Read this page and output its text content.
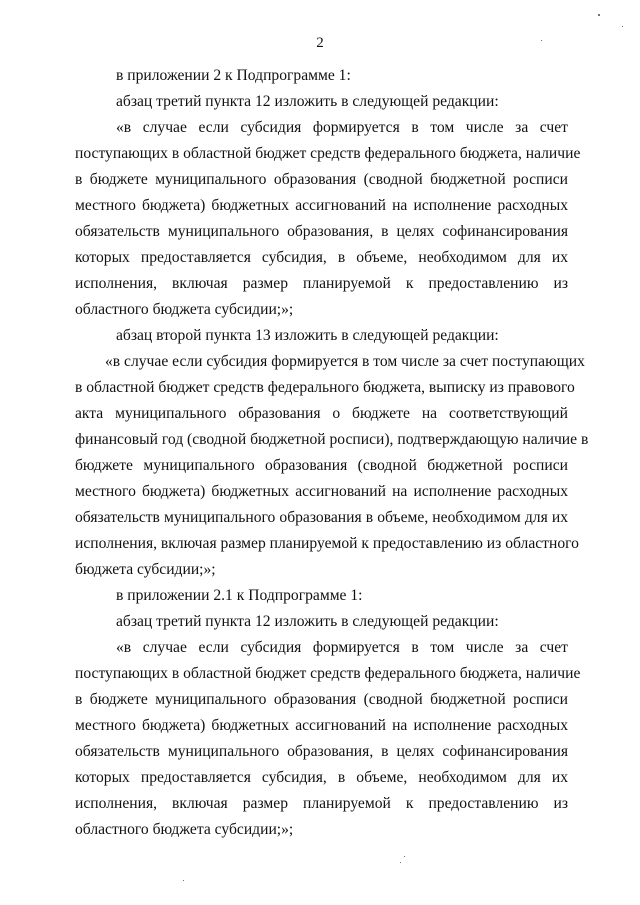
2
в приложении 2 к Подпрограмме 1:
абзац третий пункта 12 изложить в следующей редакции:
«в случае если субсидия формируется в том числе за счет
поступающих в областной бюджет средств федерального бюджета, наличие
в бюджете муниципального образования (сводной бюджетной росписи
местного бюджета) бюджетных ассигнований на исполнение расходных
обязательств муниципального образования, в целях софинансирования
которых предоставляется субсидия, в объеме, необходимом для их
исполнения, включая размер планируемой к предоставлению из
областного бюджета субсидии;»;
абзац второй пункта 13 изложить в следующей редакции:
«в случае если субсидия формируется в том числе за счет поступающих
в областной бюджет средств федерального бюджета, выписку из правового
акта муниципального образования о бюджете на соответствующий
финансовый год (сводной бюджетной росписи), подтверждающую наличие в
бюджете муниципального образования (сводной бюджетной росписи
местного бюджета) бюджетных ассигнований на исполнение расходных
обязательств муниципального образования в объеме, необходимом для их
исполнения, включая размер планируемой к предоставлению из областного
бюджета субсидии;»;
в приложении 2.1 к Подпрограмме 1:
абзац третий пункта 12 изложить в следующей редакции:
«в случае если субсидия формируется в том числе за счет
поступающих в областной бюджет средств федерального бюджета, наличие
в бюджете муниципального образования (сводной бюджетной росписи
местного бюджета) бюджетных ассигнований на исполнение расходных
обязательств муниципального образования, в целях софинансирования
которых предоставляется субсидия, в объеме, необходимом для их
исполнения, включая размер планируемой к предоставлению из
областного бюджета субсидии;»;
